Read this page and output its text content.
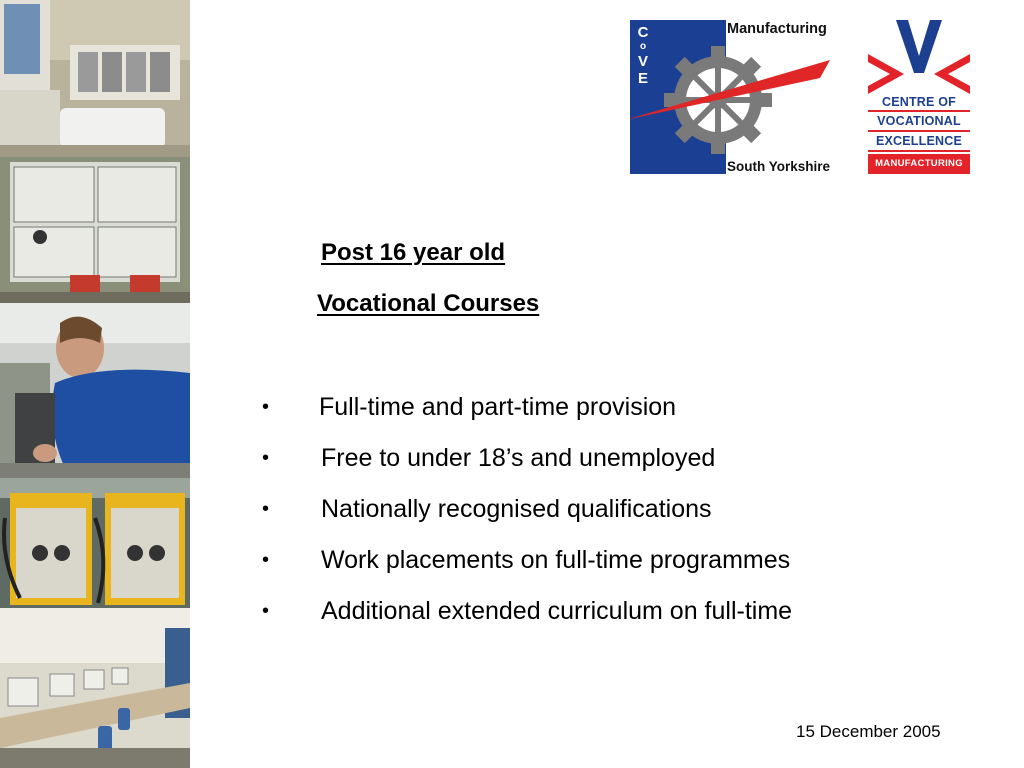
C
o
V
E
Manufacturing
South Yorkshire
CENTRE OF
VOCATIONAL
EXCELLENCE
MANUFACTURING
Post 16 year old
Vocational Courses
• Full-time and part-time provision
• Free to under 18’s and unemployed
• Nationally recognised qualifications
• Work placements on full-time programmes
• Additional extended curriculum on full-time
15 December 2005
